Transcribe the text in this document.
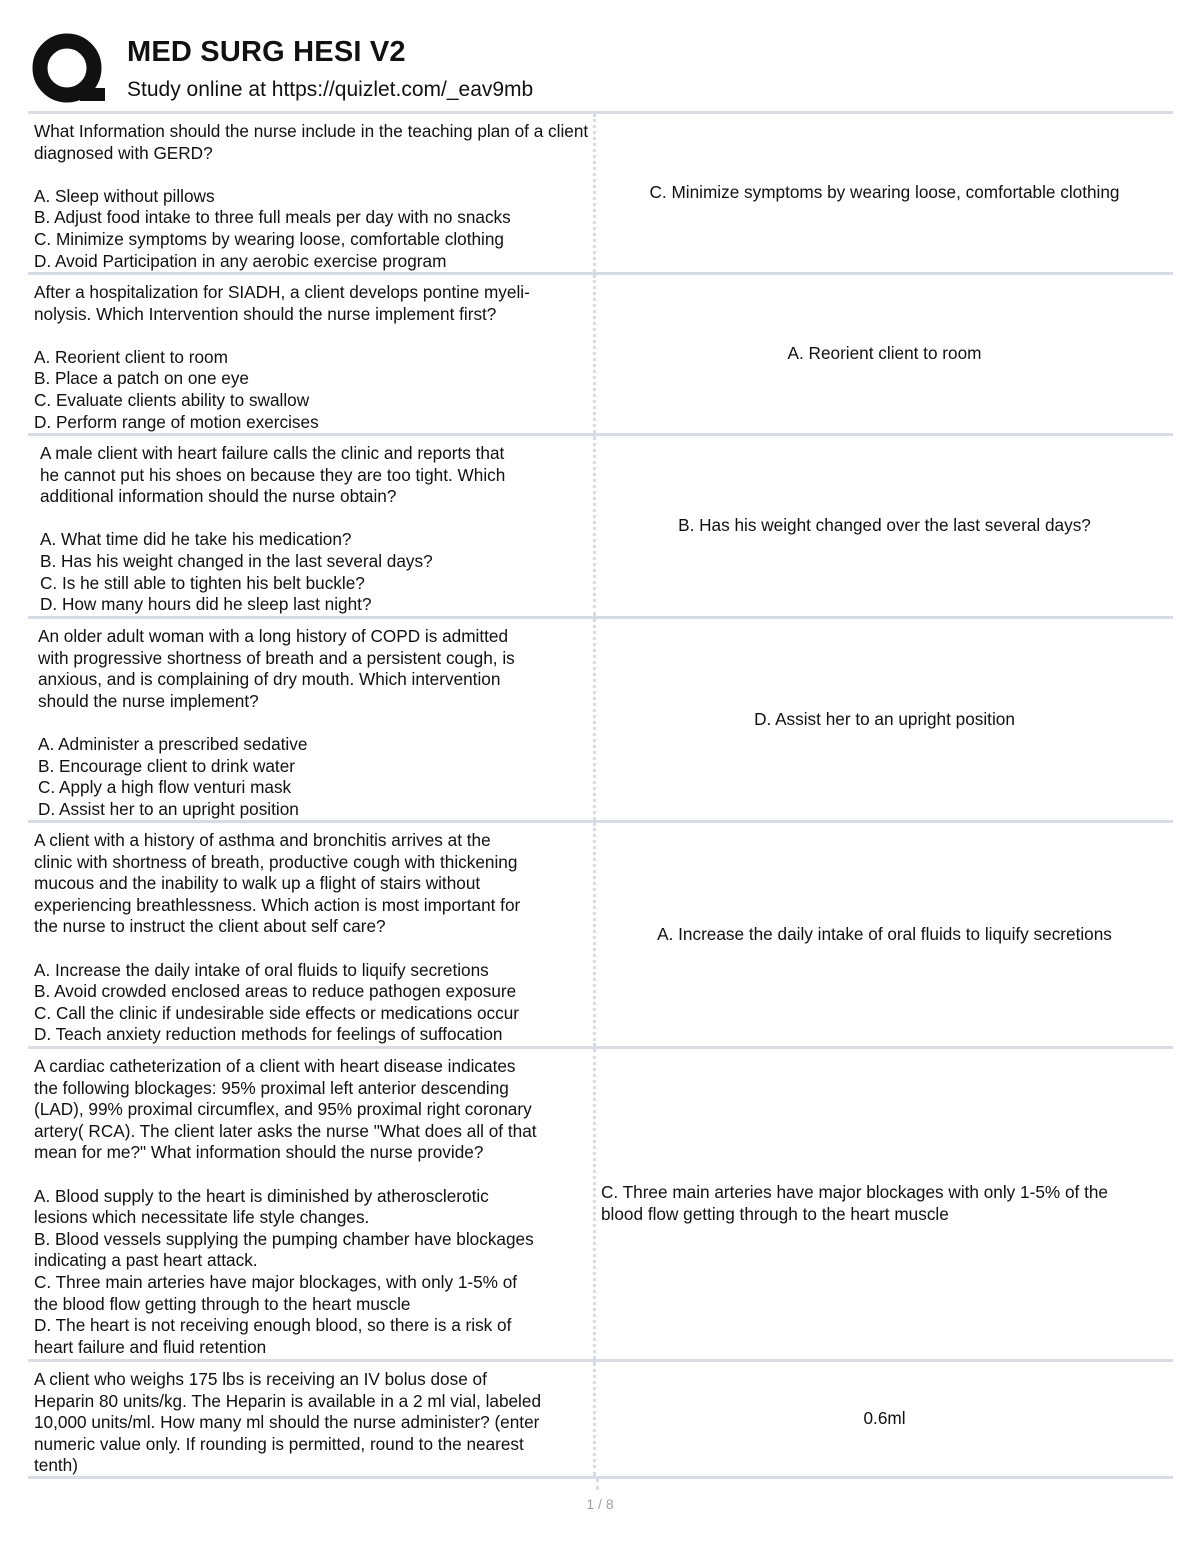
MED SURG HESI V2
Study online at https://quizlet.com/_eav9mb
What Information should the nurse include in the teaching plan of a client diagnosed with GERD?

A. Sleep without pillows
B. Adjust food intake to three full meals per day with no snacks
C. Minimize symptoms by wearing loose, comfortable clothing
D. Avoid Participation in any aerobic exercise program
C. Minimize symptoms by wearing loose, comfortable clothing
After a hospitalization for SIADH, a client develops pontine myeli-
nolysis. Which Intervention should the nurse implement first?

A. Reorient client to room
B. Place a patch on one eye
C. Evaluate clients ability to swallow
D. Perform range of motion exercises
A. Reorient client to room
A male client with heart failure calls the clinic and reports that
he cannot put his shoes on because they are too tight. Which
additional information should the nurse obtain?

A. What time did he take his medication?
B. Has his weight changed in the last several days?
C. Is he still able to tighten his belt buckle?
D. How many hours did he sleep last night?
B. Has his weight changed over the last several days?
An older adult woman with a long history of COPD is admitted
with progressive shortness of breath and a persistent cough, is
anxious, and is complaining of dry mouth. Which intervention
should the nurse implement?

A. Administer a prescribed sedative
B. Encourage client to drink water
C. Apply a high flow venturi mask
D. Assist her to an upright position
D. Assist her to an upright position
A client with a history of asthma and bronchitis arrives at the
clinic with shortness of breath, productive cough with thickening
mucous and the inability to walk up a flight of stairs without
experiencing breathlessness. Which action is most important for
the nurse to instruct the client about self care?

A. Increase the daily intake of oral fluids to liquify secretions
B. Avoid crowded enclosed areas to reduce pathogen exposure
C. Call the clinic if undesirable side effects or medications occur
D. Teach anxiety reduction methods for feelings of suffocation
A. Increase the daily intake of oral fluids to liquify secretions
A cardiac catheterization of a client with heart disease indicates
the following blockages: 95% proximal left anterior descending
(LAD), 99% proximal circumflex, and 95% proximal right coronary
artery( RCA). The client later asks the nurse "What does all of that
mean for me?" What information should the nurse provide?

A. Blood supply to the heart is diminished by atherosclerotic
lesions which necessitate life style changes.
B. Blood vessels supplying the pumping chamber have blockages
indicating a past heart attack.
C. Three main arteries have major blockages, with only 1-5% of
the blood flow getting through to the heart muscle
D. The heart is not receiving enough blood, so there is a risk of
heart failure and fluid retention
C. Three main arteries have major blockages with only 1-5% of the
blood flow getting through to the heart muscle
A client who weighs 175 lbs is receiving an IV bolus dose of
Heparin 80 units/kg. The Heparin is available in a 2 ml vial, labeled
10,000 units/ml. How many ml should the nurse administer? (enter
numeric value only. If rounding is permitted, round to the nearest
tenth)
0.6ml
1 / 8
